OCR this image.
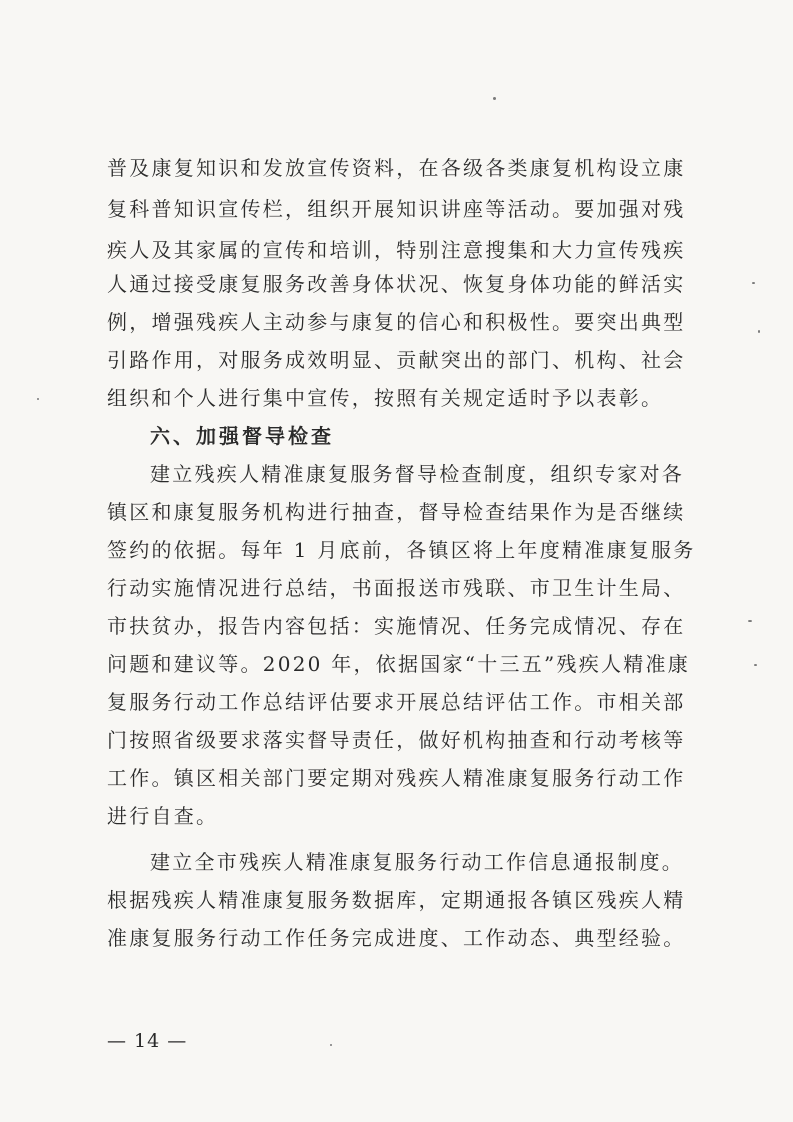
普及康复知识和发放宣传资料，在各级各类康复机构设立康
复科普知识宣传栏，组织开展知识讲座等活动。要加强对残
疾人及其家属的宣传和培训，特别注意搜集和大力宣传残疾
人通过接受康复服务改善身体状况、恢复身体功能的鲜活实
例，增强残疾人主动参与康复的信心和积极性。要突出典型
引路作用，对服务成效明显、贡献突出的部门、机构、社会
组织和个人进行集中宣传，按照有关规定适时予以表彰。
六、加强督导检查
建立残疾人精准康复服务督导检查制度，组织专家对各
镇区和康复服务机构进行抽查，督导检查结果作为是否继续
签约的依据。每年 1 月底前，各镇区将上年度精准康复服务
行动实施情况进行总结，书面报送市残联、市卫生计生局、
市扶贫办，报告内容包括：实施情况、任务完成情况、存在
问题和建议等。2020 年，依据国家“十三五”残疾人精准康
复服务行动工作总结评估要求开展总结评估工作。市相关部
门按照省级要求落实督导责任，做好机构抽查和行动考核等
工作。镇区相关部门要定期对残疾人精准康复服务行动工作
进行自查。
建立全市残疾人精准康复服务行动工作信息通报制度。
根据残疾人精准康复服务数据库，定期通报各镇区残疾人精
准康复服务行动工作任务完成进度、工作动态、典型经验。
— 14 —
